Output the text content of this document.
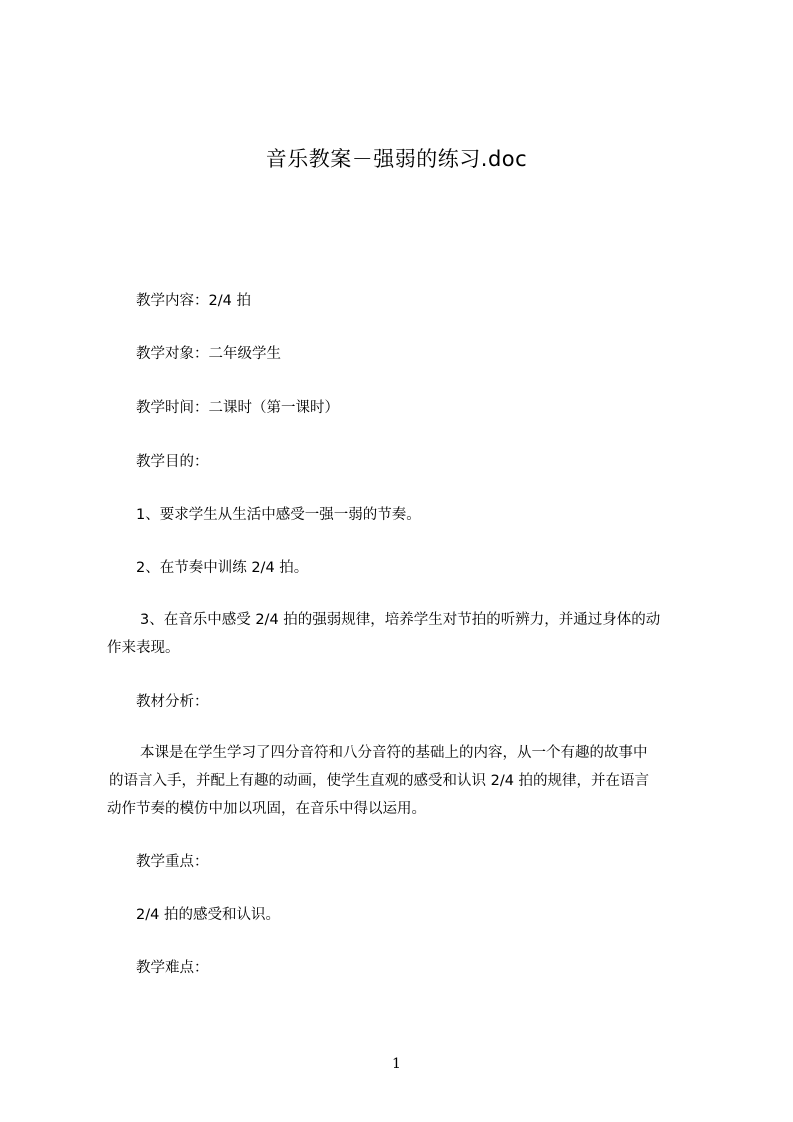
音乐教案－强弱的练习.doc
教学内容：2/4 拍
教学对象：二年级学生
教学时间：二课时（第一课时）
教学目的：
1、要求学生从生活中感受一强一弱的节奏。
2、在节奏中训练 2/4 拍。
3、在音乐中感受 2/4 拍的强弱规律，培养学生对节拍的听辨力，并通过身体的动
作来表现。
教材分析：
本课是在学生学习了四分音符和八分音符的基础上的内容，从一个有趣的故事中
的语言入手，并配上有趣的动画，使学生直观的感受和认识 2/4 拍的规律，并在语言
动作节奏的模仿中加以巩固，在音乐中得以运用。
教学重点：
2/4 拍的感受和认识。
教学难点：
1
